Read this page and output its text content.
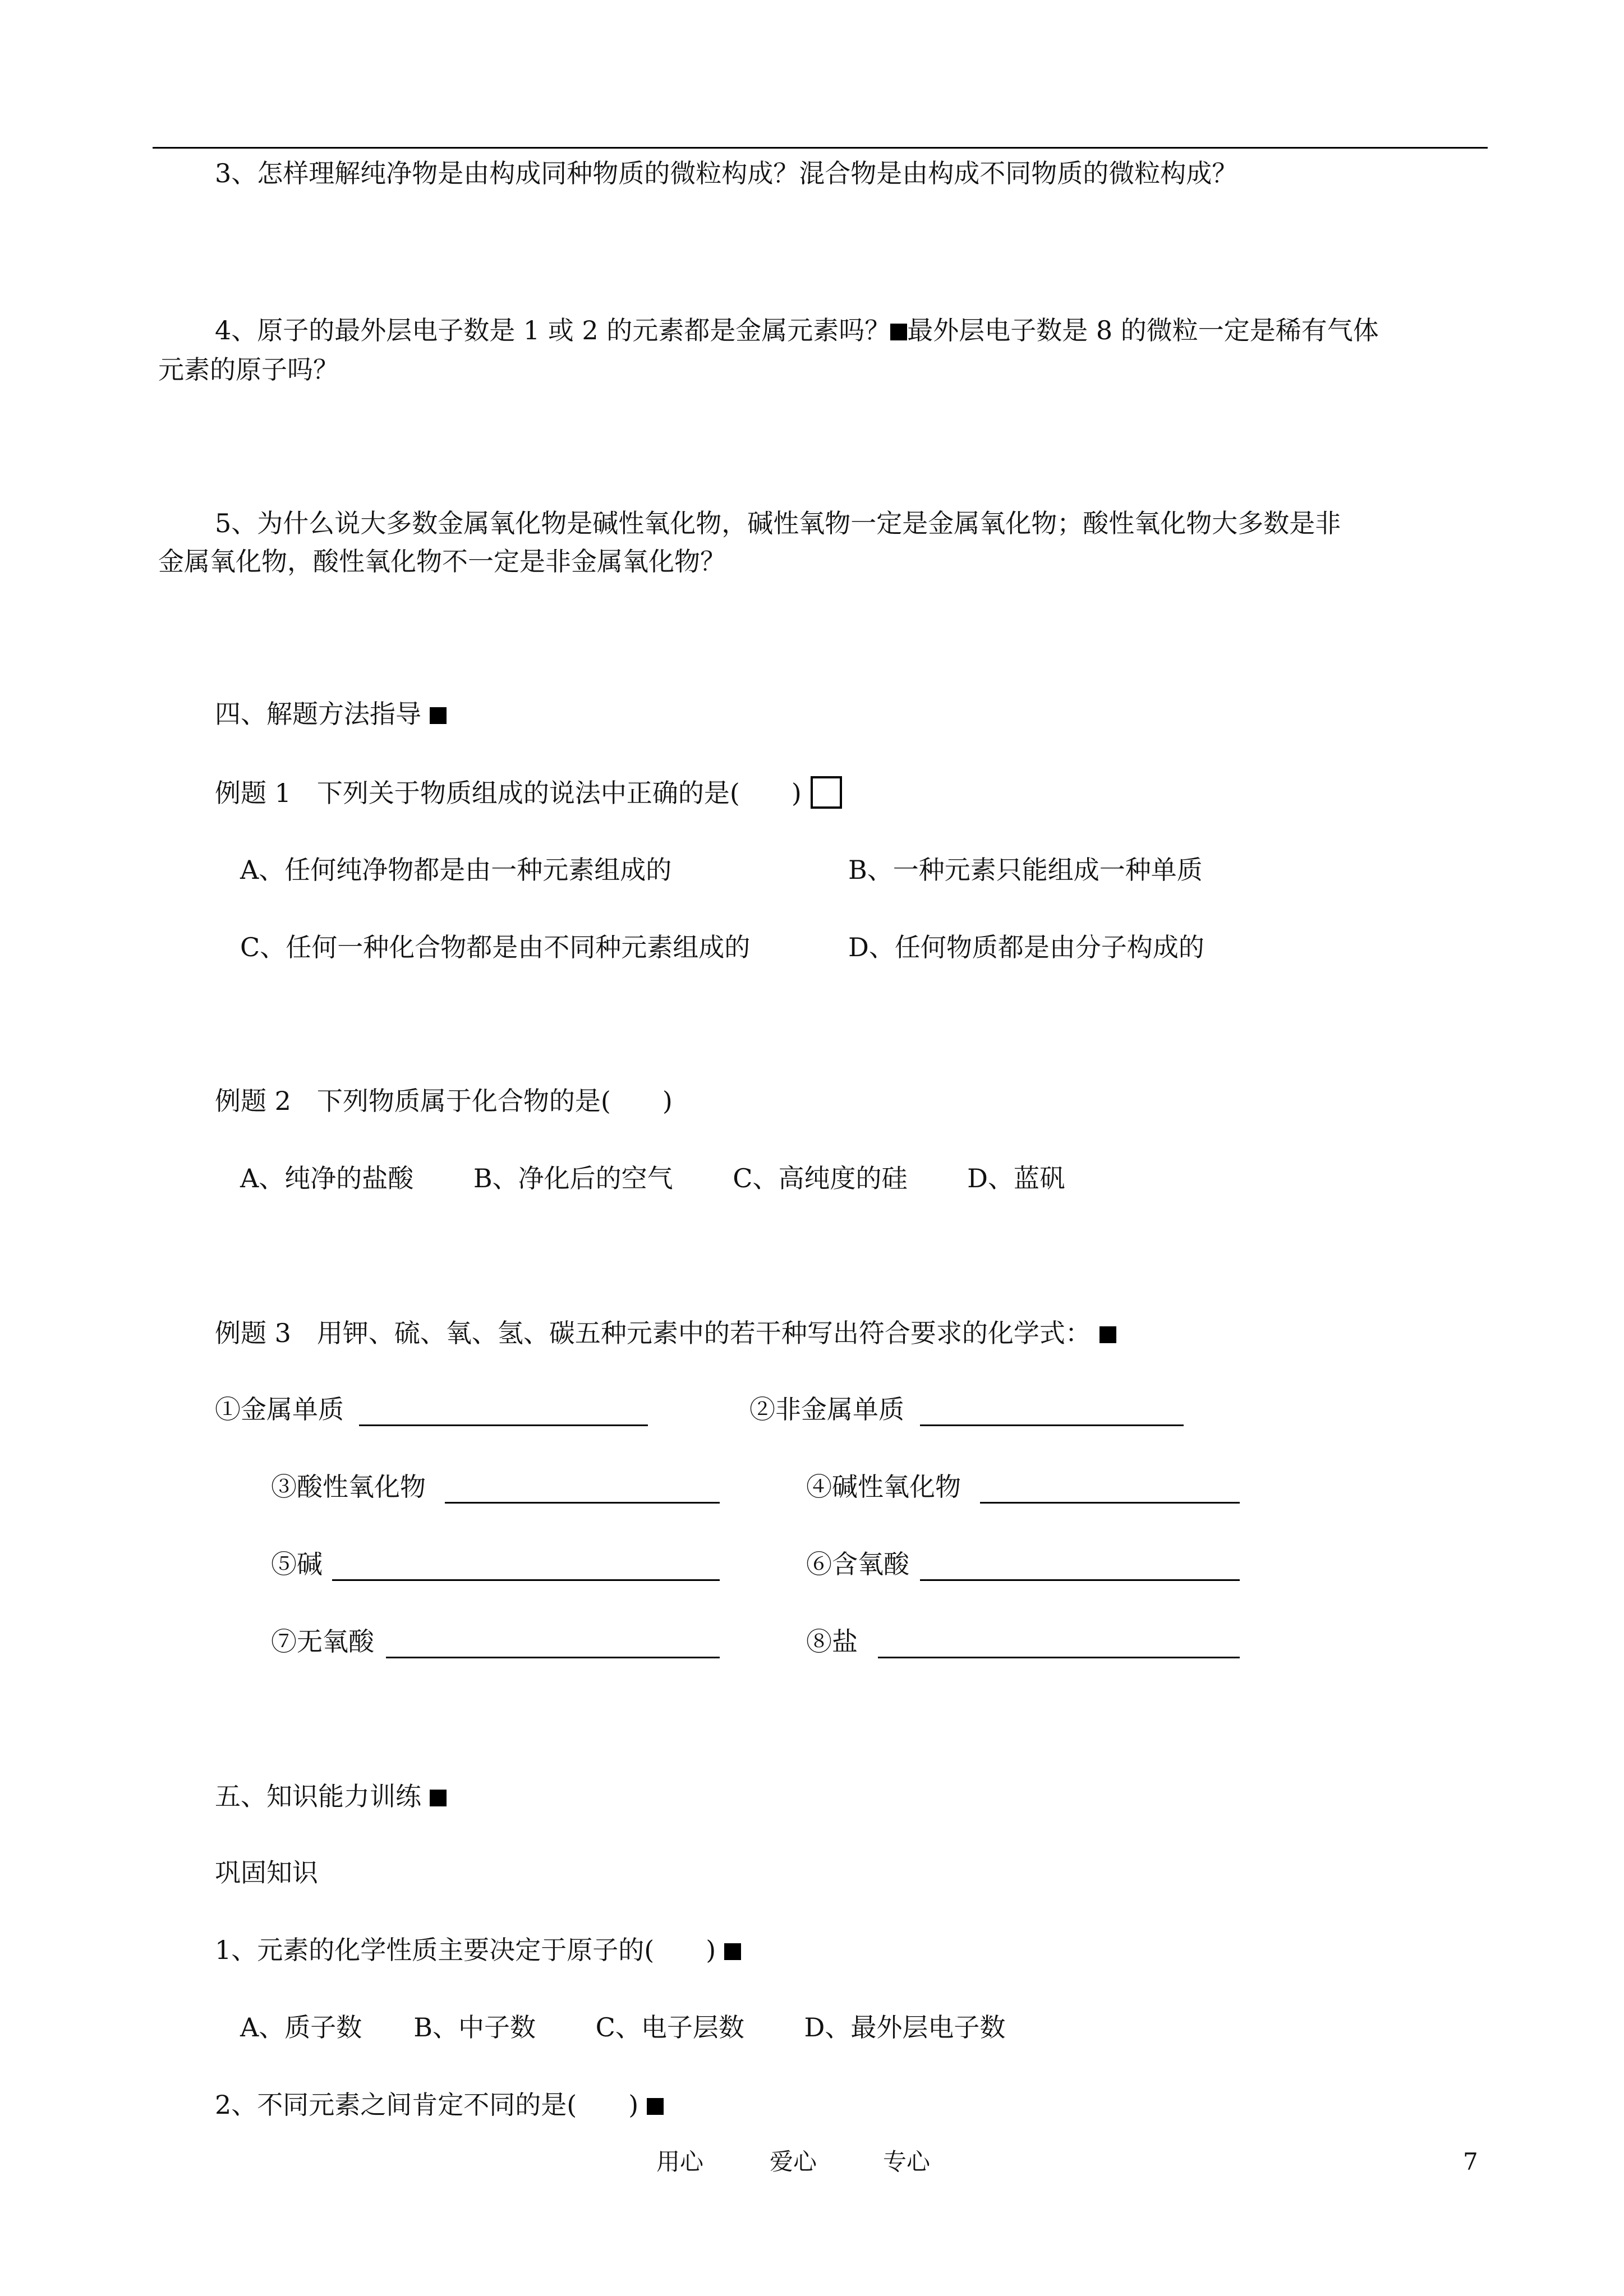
3、怎样理解纯净物是由构成同种物质的微粒构成？混合物是由构成不同物质的微粒构成？

4、原子的最外层电子数是 1 或 2 的元素都是金属元素吗？ 最外层电子数是 8 的微粒一定是稀有气体

元素的原子吗？

5、为什么说大多数金属氧化物是碱性氧化物，碱性氧物一定是金属氧化物；酸性氧化物大多数是非

金属氧化物，酸性氧化物不一定是非金属氧化物？

四、解题方法指导

例题 1　下列关于物质组成的说法中正确的是(　　)

A、任何纯净物都是由一种元素组成的	B、一种元素只能组成一种单质

C、任何一种化合物都是由不同种元素组成的	D、任何物质都是由分子构成的

例题 2　下列物质属于化合物的是(　　)

A、纯净的盐酸　　 B、净化后的空气　　 C、高纯度的硅　　 D、蓝矾

例题 3　用钾、硫、氧、氢、碳五种元素中的若干种写出符合要求的化学式：

①金属单质	②非金属单质

③酸性氧化物	④碱性氧化物

⑤碱	⑥含氧酸

⑦无氧酸	⑧盐

五、知识能力训练

巩固知识

1、元素的化学性质主要决定于原子的(　　)

A、质子数　　B、中子数　　 C、电子层数　　 D、最外层电子数

2、不同元素之间肯定不同的是(　　)

用心	爱心	专心	7
